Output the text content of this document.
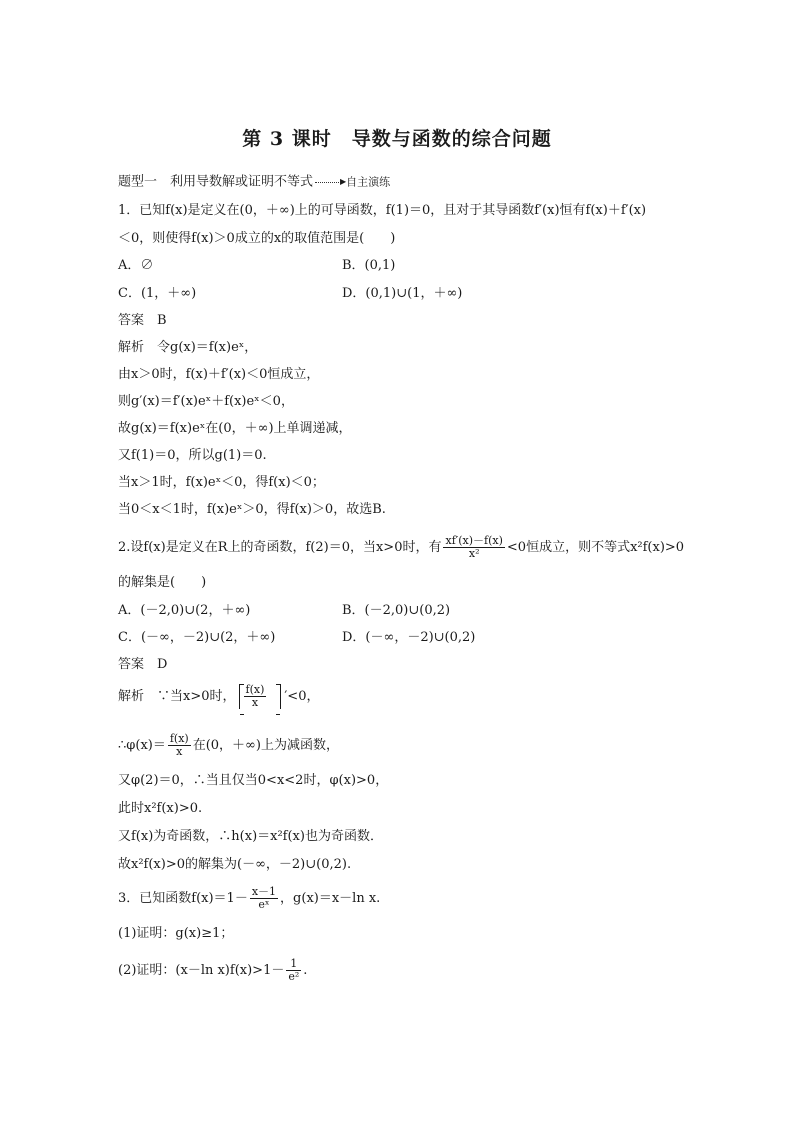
第 3 课时　导数与函数的综合问题
题型一　利用导数解或证明不等式	▶自主演练
1．已知f(x)是定义在(0，＋∞)上的可导函数，f(1)＝0，且对于其导函数f′(x)恒有f(x)＋f′(x)
＜0，则使得f(x)＞0成立的x的取值范围是(　　)
A．∅	B．(0,1)
C．(1，＋∞)	D．(0,1)∪(1，＋∞)
答案　B
解析　令g(x)＝f(x)eˣ，
由x＞0时，f(x)＋f′(x)＜0恒成立，
则g′(x)＝f′(x)eˣ＋f(x)eˣ＜0，
故g(x)＝f(x)eˣ在(0，＋∞)上单调递减，
又f(1)＝0，所以g(1)＝0.
当x＞1时，f(x)eˣ＜0，得f(x)＜0；
当0＜x＜1时，f(x)eˣ＞0，得f(x)＞0，故选B.
2.设f(x)是定义在R上的奇函数，f(2)＝0，当x>0时，有 $\frac{xf'(x)-f(x)}{\text{x²}} <0$恒成立，则不等式x²f(x)>0
的解集是(　　)
A．(－2,0)∪(2，＋∞)	B．(－2,0)∪(0,2)
C．(－∞，－2)∪(2，＋∞)	D．(－∞，－2)∪(0,2)
答案　D
解析　∵当x>0时， $\frac{f(x)}{x} '<0$，
∴φ(x)＝ $\frac{f(x)}{x}$ 在(0，＋∞)上为减函数，
又φ(2)＝0，∴当且仅当0<x<2时，φ(x)>0，
此时x²f(x)>0.
又f(x)为奇函数，∴h(x)＝x²f(x)也为奇函数．
故x²f(x)>0的解集为(－∞，－2)∪(0,2).
3．已知函数$f(x)=1- \frac{x-1}{\text{eˣ}}$ ，g(x)＝x－ln x.
(1)证明：g(x)≥1；
(2)证明：(x－ln $x)f(x)>1- \frac{1}{\text{e²}}$ .
